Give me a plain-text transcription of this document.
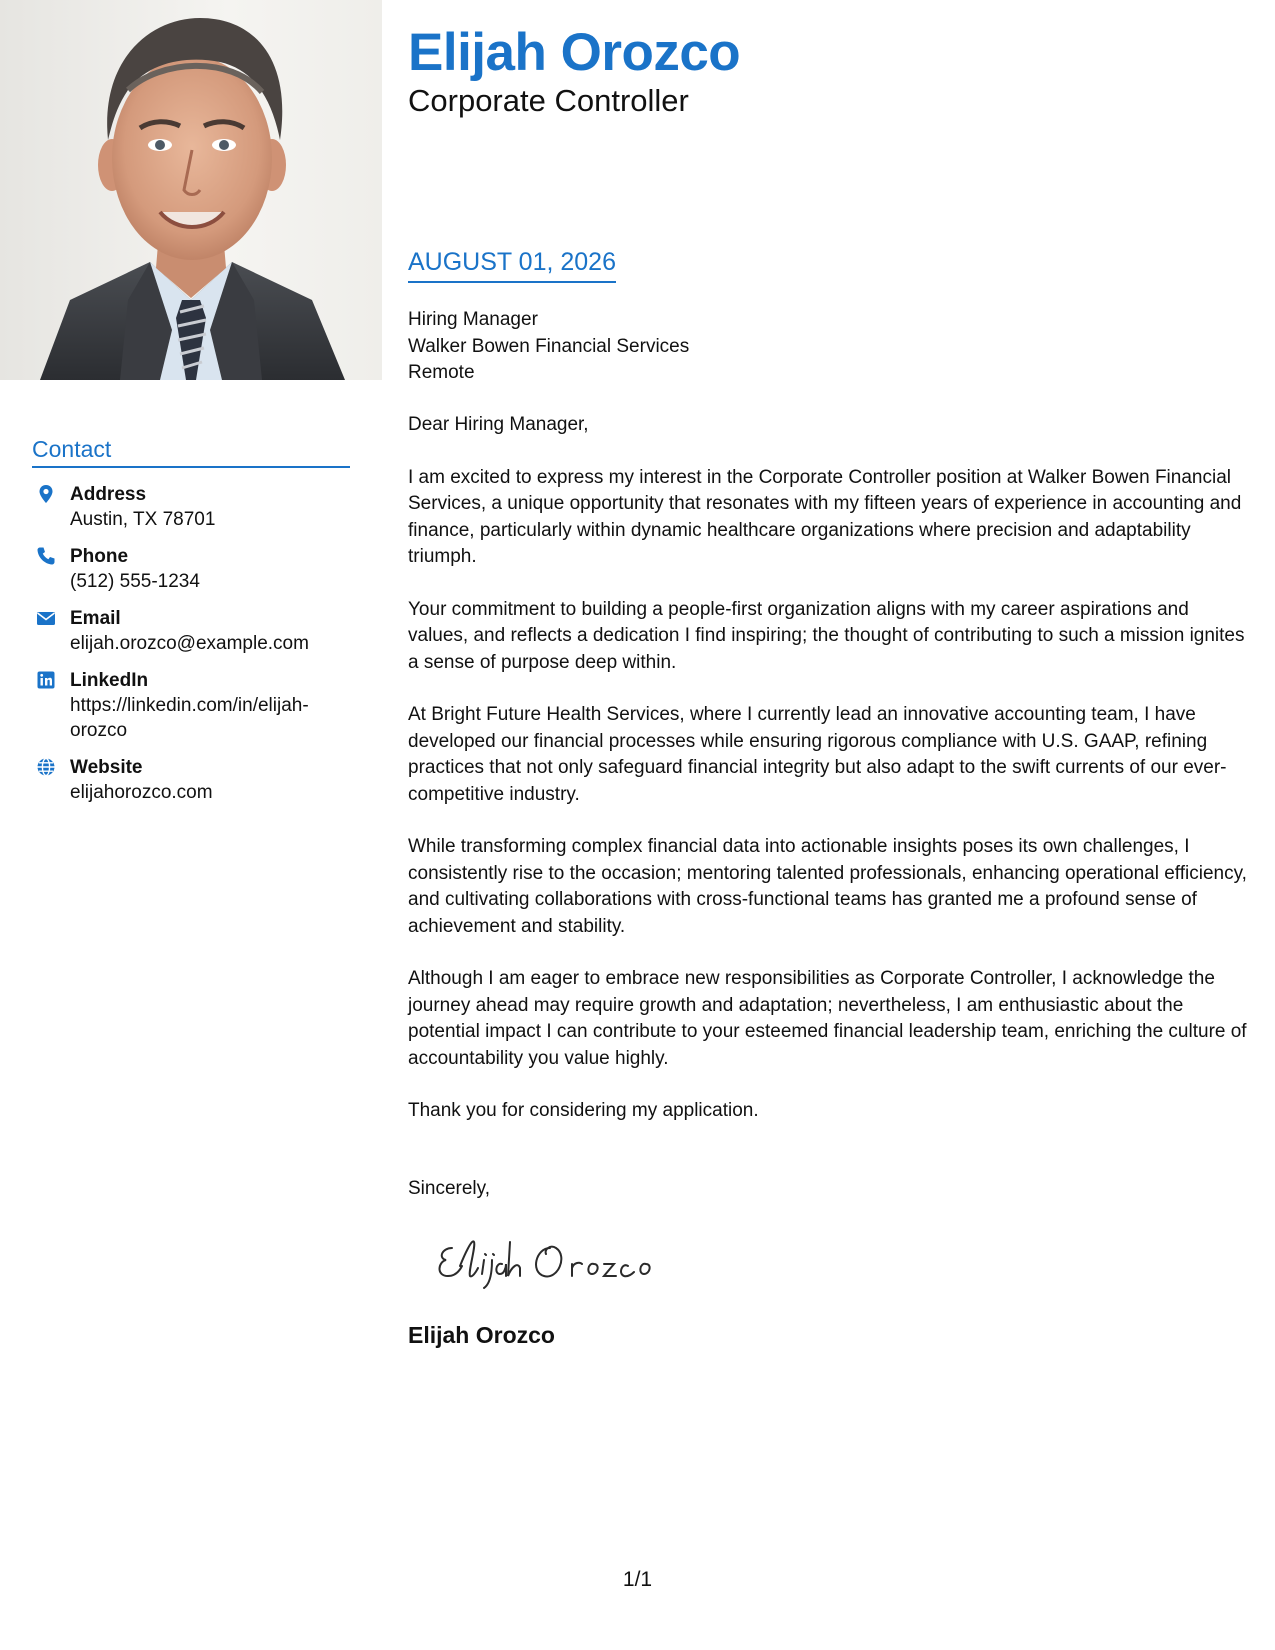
Contact
Address
Austin, TX 78701
Phone
(512) 555-1234
Email
elijah.orozco@example.com
LinkedIn
https://linkedin.com/in/elijah-orozco
Website
elijahorozco.com
Elijah Orozco
Corporate Controller
AUGUST 01, 2026
Hiring Manager
Walker Bowen Financial Services
Remote

Dear Hiring Manager,

I am excited to express my interest in the Corporate Controller position at Walker Bowen Financial Services, a unique opportunity that resonates with my fifteen years of experience in accounting and finance, particularly within dynamic healthcare organizations where precision and adaptability triumph.

Your commitment to building a people-first organization aligns with my career aspirations and values, and reflects a dedication I find inspiring; the thought of contributing to such a mission ignites a sense of purpose deep within.

At Bright Future Health Services, where I currently lead an innovative accounting team, I have developed our financial processes while ensuring rigorous compliance with U.S. GAAP, refining practices that not only safeguard financial integrity but also adapt to the swift currents of our ever-competitive industry.

While transforming complex financial data into actionable insights poses its own challenges, I consistently rise to the occasion; mentoring talented professionals, enhancing operational efficiency, and cultivating collaborations with cross-functional teams has granted me a profound sense of achievement and stability.

Although I am eager to embrace new responsibilities as Corporate Controller, I acknowledge the journey ahead may require growth and adaptation; nevertheless, I am enthusiastic about the potential impact I can contribute to your esteemed financial leadership team, enriching the culture of accountability you value highly.

Thank you for considering my application.

Sincerely,
Elijah Orozco
1/1
